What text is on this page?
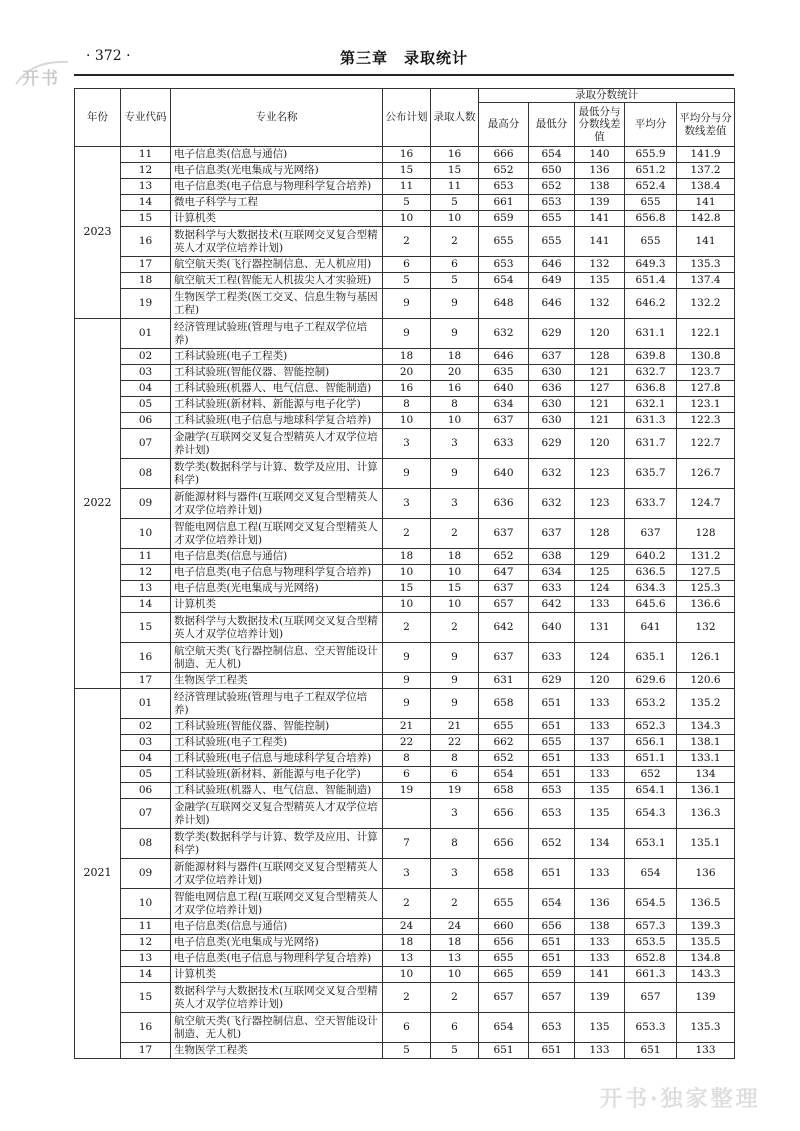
· 372 ·	第三章　录取统计
开书
年份	专业代码	专业名称	公布计划	录取人数	录取分数统计				
					最高分	最低分	最低分与分数线差值	平均分	平均分与分数线差值
2023	11	电子信息类(信息与通信)	16	16	666	654	140	655.9	141.9
	12	电子信息类(光电集成与光网络)	15	15	652	650	136	651.2	137.2
	13	电子信息类(电子信息与物理科学复合培养)	11	11	653	652	138	652.4	138.4
	14	微电子科学与工程	5	5	661	653	139	655	141
	15	计算机类	10	10	659	655	141	656.8	142.8
	16	数据科学与大数据技术(互联网交叉复合型精英人才双学位培养计划)	2	2	655	655	141	655	141
	17	航空航天类(飞行器控制信息、无人机应用)	6	6	653	646	132	649.3	135.3
	18	航空航天工程(智能无人机拔尖人才实验班)	5	5	654	649	135	651.4	137.4
	19	生物医学工程类(医工交叉、信息生物与基因工程)	9	9	648	646	132	646.2	132.2
2022	01	经济管理试验班(管理与电子工程双学位培养)	9	9	632	629	120	631.1	122.1
	02	工科试验班(电子工程类)	18	18	646	637	128	639.8	130.8
	03	工科试验班(智能仪器、智能控制)	20	20	635	630	121	632.7	123.7
	04	工科试验班(机器人、电气信息、智能制造)	16	16	640	636	127	636.8	127.8
	05	工科试验班(新材料、新能源与电子化学)	8	8	634	630	121	632.1	123.1
	06	工科试验班(电子信息与地球科学复合培养)	10	10	637	630	121	631.3	122.3
	07	金融学(互联网交叉复合型精英人才双学位培养计划)	3	3	633	629	120	631.7	122.7
	08	数学类(数据科学与计算、数学及应用、计算科学)	9	9	640	632	123	635.7	126.7
	09	新能源材料与器件(互联网交叉复合型精英人才双学位培养计划)	3	3	636	632	123	633.7	124.7
	10	智能电网信息工程(互联网交叉复合型精英人才双学位培养计划)	2	2	637	637	128	637	128
	11	电子信息类(信息与通信)	18	18	652	638	129	640.2	131.2
	12	电子信息类(电子信息与物理科学复合培养)	10	10	647	634	125	636.5	127.5
	13	电子信息类(光电集成与光网络)	15	15	637	633	124	634.3	125.3
	14	计算机类	10	10	657	642	133	645.6	136.6
	15	数据科学与大数据技术(互联网交叉复合型精英人才双学位培养计划)	2	2	642	640	131	641	132
	16	航空航天类(飞行器控制信息、空天智能设计制造、无人机)	9	9	637	633	124	635.1	126.1
	17	生物医学工程类	9	9	631	629	120	629.6	120.6
2021	01	经济管理试验班(管理与电子工程双学位培养)	9	9	658	651	133	653.2	135.2
	02	工科试验班(智能仪器、智能控制)	21	21	655	651	133	652.3	134.3
	03	工科试验班(电子工程类)	22	22	662	655	137	656.1	138.1
	04	工科试验班(电子信息与地球科学复合培养)	8	8	652	651	133	651.1	133.1
	05	工科试验班(新材料、新能源与电子化学)	6	6	654	651	133	652	134
	06	工科试验班(机器人、电气信息、智能制造)	19	19	658	653	135	654.1	136.1
	07	金融学(互联网交叉复合型精英人才双学位培养计划)		3	656	653	135	654.3	136.3
	08	数学类(数据科学与计算、数学及应用、计算科学)	7	8	656	652	134	653.1	135.1
	09	新能源材料与器件(互联网交叉复合型精英人才双学位培养计划)	3	3	658	651	133	654	136
	10	智能电网信息工程(互联网交叉复合型精英人才双学位培养计划)	2	2	655	654	136	654.5	136.5
	11	电子信息类(信息与通信)	24	24	660	656	138	657.3	139.3
	12	电子信息类(光电集成与光网络)	18	18	656	651	133	653.5	135.5
	13	电子信息类(电子信息与物理科学复合培养)	13	13	655	651	133	652.8	134.8
	14	计算机类	10	10	665	659	141	661.3	143.3
	15	数据科学与大数据技术(互联网交叉复合型精英人才双学位培养计划)	2	2	657	657	139	657	139
	16	航空航天类(飞行器控制信息、空天智能设计制造、无人机)	6	6	654	653	135	653.3	135.3
	17	生物医学工程类	5	5	651	651	133	651	133
开书·独家整理
